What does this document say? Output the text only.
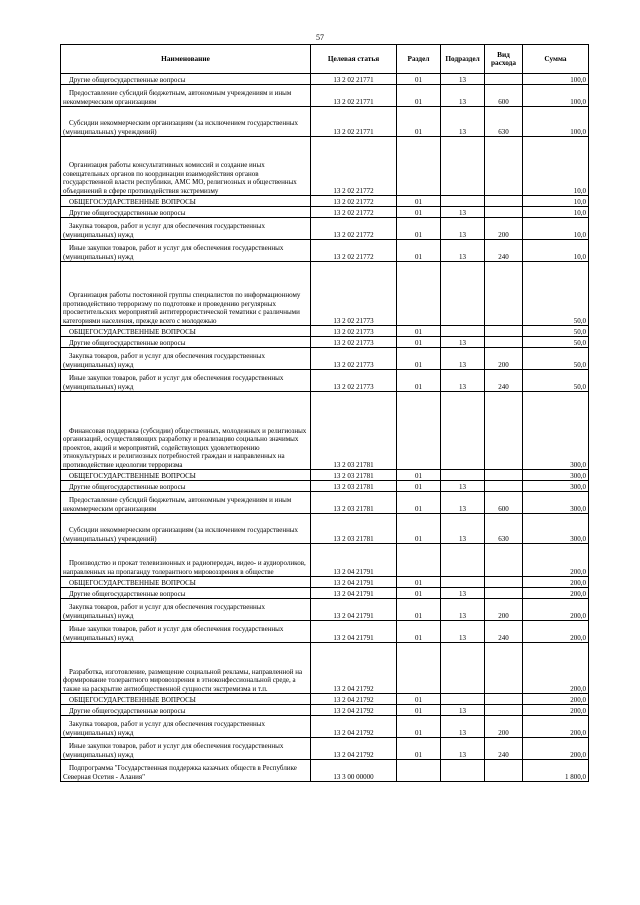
57
Наименование	Целевая статья	Раздел	Подраздел	Вид расхода	Сумма

Другие общегосударственные вопросы	13 2 02 21771	01	13		100,0

Предоставление субсидий бюджетным, автономным учреждениям и иным некоммерческим организациям	13 2 02 21771	01	13	600	100,0

Субсидии некоммерческим организациям (за исключением государственных (муниципальных) учреждений)	13 2 02 21771	01	13	630	100,0

Организация работы консультативных комиссий и создание иных совещательных органов по координации взаимодействия органов государственной власти республики, АМС МО, религиозных и общественных объединений в сфере противодействия экстремизму	13 2 02 21772				10,0

ОБЩЕГОСУДАРСТВЕННЫЕ ВОПРОСЫ	13 2 02 21772	01			10,0

Другие общегосударственные вопросы	13 2 02 21772	01	13		10,0

Закупка товаров, работ и услуг для обеспечения государственных (муниципальных) нужд	13 2 02 21772	01	13	200	10,0

Иные закупки товаров, работ и услуг для обеспечения государственных (муниципальных) нужд	13 2 02 21772	01	13	240	10,0

Организация работы постоянной группы специалистов по информационному противодействию терроризму по подготовке и проведению регулярных просветительских мероприятий антитеррористической тематики с различными категориями населения, прежде всего с молодежью	13 2 02 21773				50,0

ОБЩЕГОСУДАРСТВЕННЫЕ ВОПРОСЫ	13 2 02 21773	01			50,0

Другие общегосударственные вопросы	13 2 02 21773	01	13		50,0

Закупка товаров, работ и услуг для обеспечения государственных (муниципальных) нужд	13 2 02 21773	01	13	200	50,0

Иные закупки товаров, работ и услуг для обеспечения государственных (муниципальных) нужд	13 2 02 21773	01	13	240	50,0

Финансовая поддержка (субсидии) общественных, молодежных и религиозных организаций, осуществляющих разработку и реализацию социально значимых проектов, акций и мероприятий, содействующих удовлетворению этнокультурных и религиозных потребностей граждан и направленных на противодействие идеологии терроризма	13 2 03 21781				300,0

ОБЩЕГОСУДАРСТВЕННЫЕ ВОПРОСЫ	13 2 03 21781	01			300,0

Другие общегосударственные вопросы	13 2 03 21781	01	13		300,0

Предоставление субсидий бюджетным, автономным учреждениям и иным некоммерческим организациям	13 2 03 21781	01	13	600	300,0

Субсидии некоммерческим организациям (за исключением государственных (муниципальных) учреждений)	13 2 03 21781	01	13	630	300,0

Производство и прокат телевизионных и радиопередач, видео- и аудиороликов, направленных на пропаганду толерантного мировоззрения в обществе	13 2 04 21791				200,0

ОБЩЕГОСУДАРСТВЕННЫЕ ВОПРОСЫ	13 2 04 21791	01			200,0

Другие общегосударственные вопросы	13 2 04 21791	01	13		200,0

Закупка товаров, работ и услуг для обеспечения государственных (муниципальных) нужд	13 2 04 21791	01	13	200	200,0

Иные закупки товаров, работ и услуг для обеспечения государственных (муниципальных) нужд	13 2 04 21791	01	13	240	200,0

Разработка, изготовление, размещение социальной рекламы, направленной на формирование толерантного мировоззрения в этноконфессиональной среде, а также на раскрытие антиобщественной сущности экстремизма и т.п.	13 2 04 21792				200,0

ОБЩЕГОСУДАРСТВЕННЫЕ ВОПРОСЫ	13 2 04 21792	01			200,0

Другие общегосударственные вопросы	13 2 04 21792	01	13		200,0

Закупка товаров, работ и услуг для обеспечения государственных (муниципальных) нужд	13 2 04 21792	01	13	200	200,0

Иные закупки товаров, работ и услуг для обеспечения государственных (муниципальных) нужд	13 2 04 21792	01	13	240	200,0

Подпрограмма "Государственная поддержка казачьих обществ в Республике Северная Осетия - Алания"	13 3 00 00000				1 800,0
